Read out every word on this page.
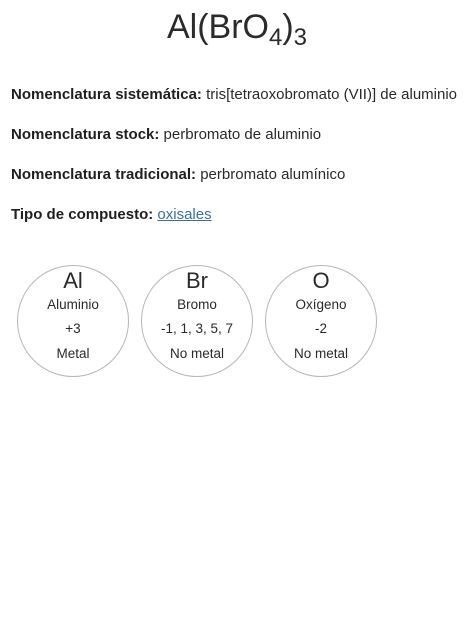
$Al(BrO_4)_3$
Nomenclatura sistemática: tris[tetraoxobromato (VII)] de aluminio
Nomenclatura stock: perbromato de aluminio
Nomenclatura tradicional: perbromato alumínico
Tipo de compuesto: oxisales
Al
Aluminio
+3
Metal
Br
Bromo
-1, 1, 3, 5, 7
No metal
O
Oxígeno
-2
No metal
